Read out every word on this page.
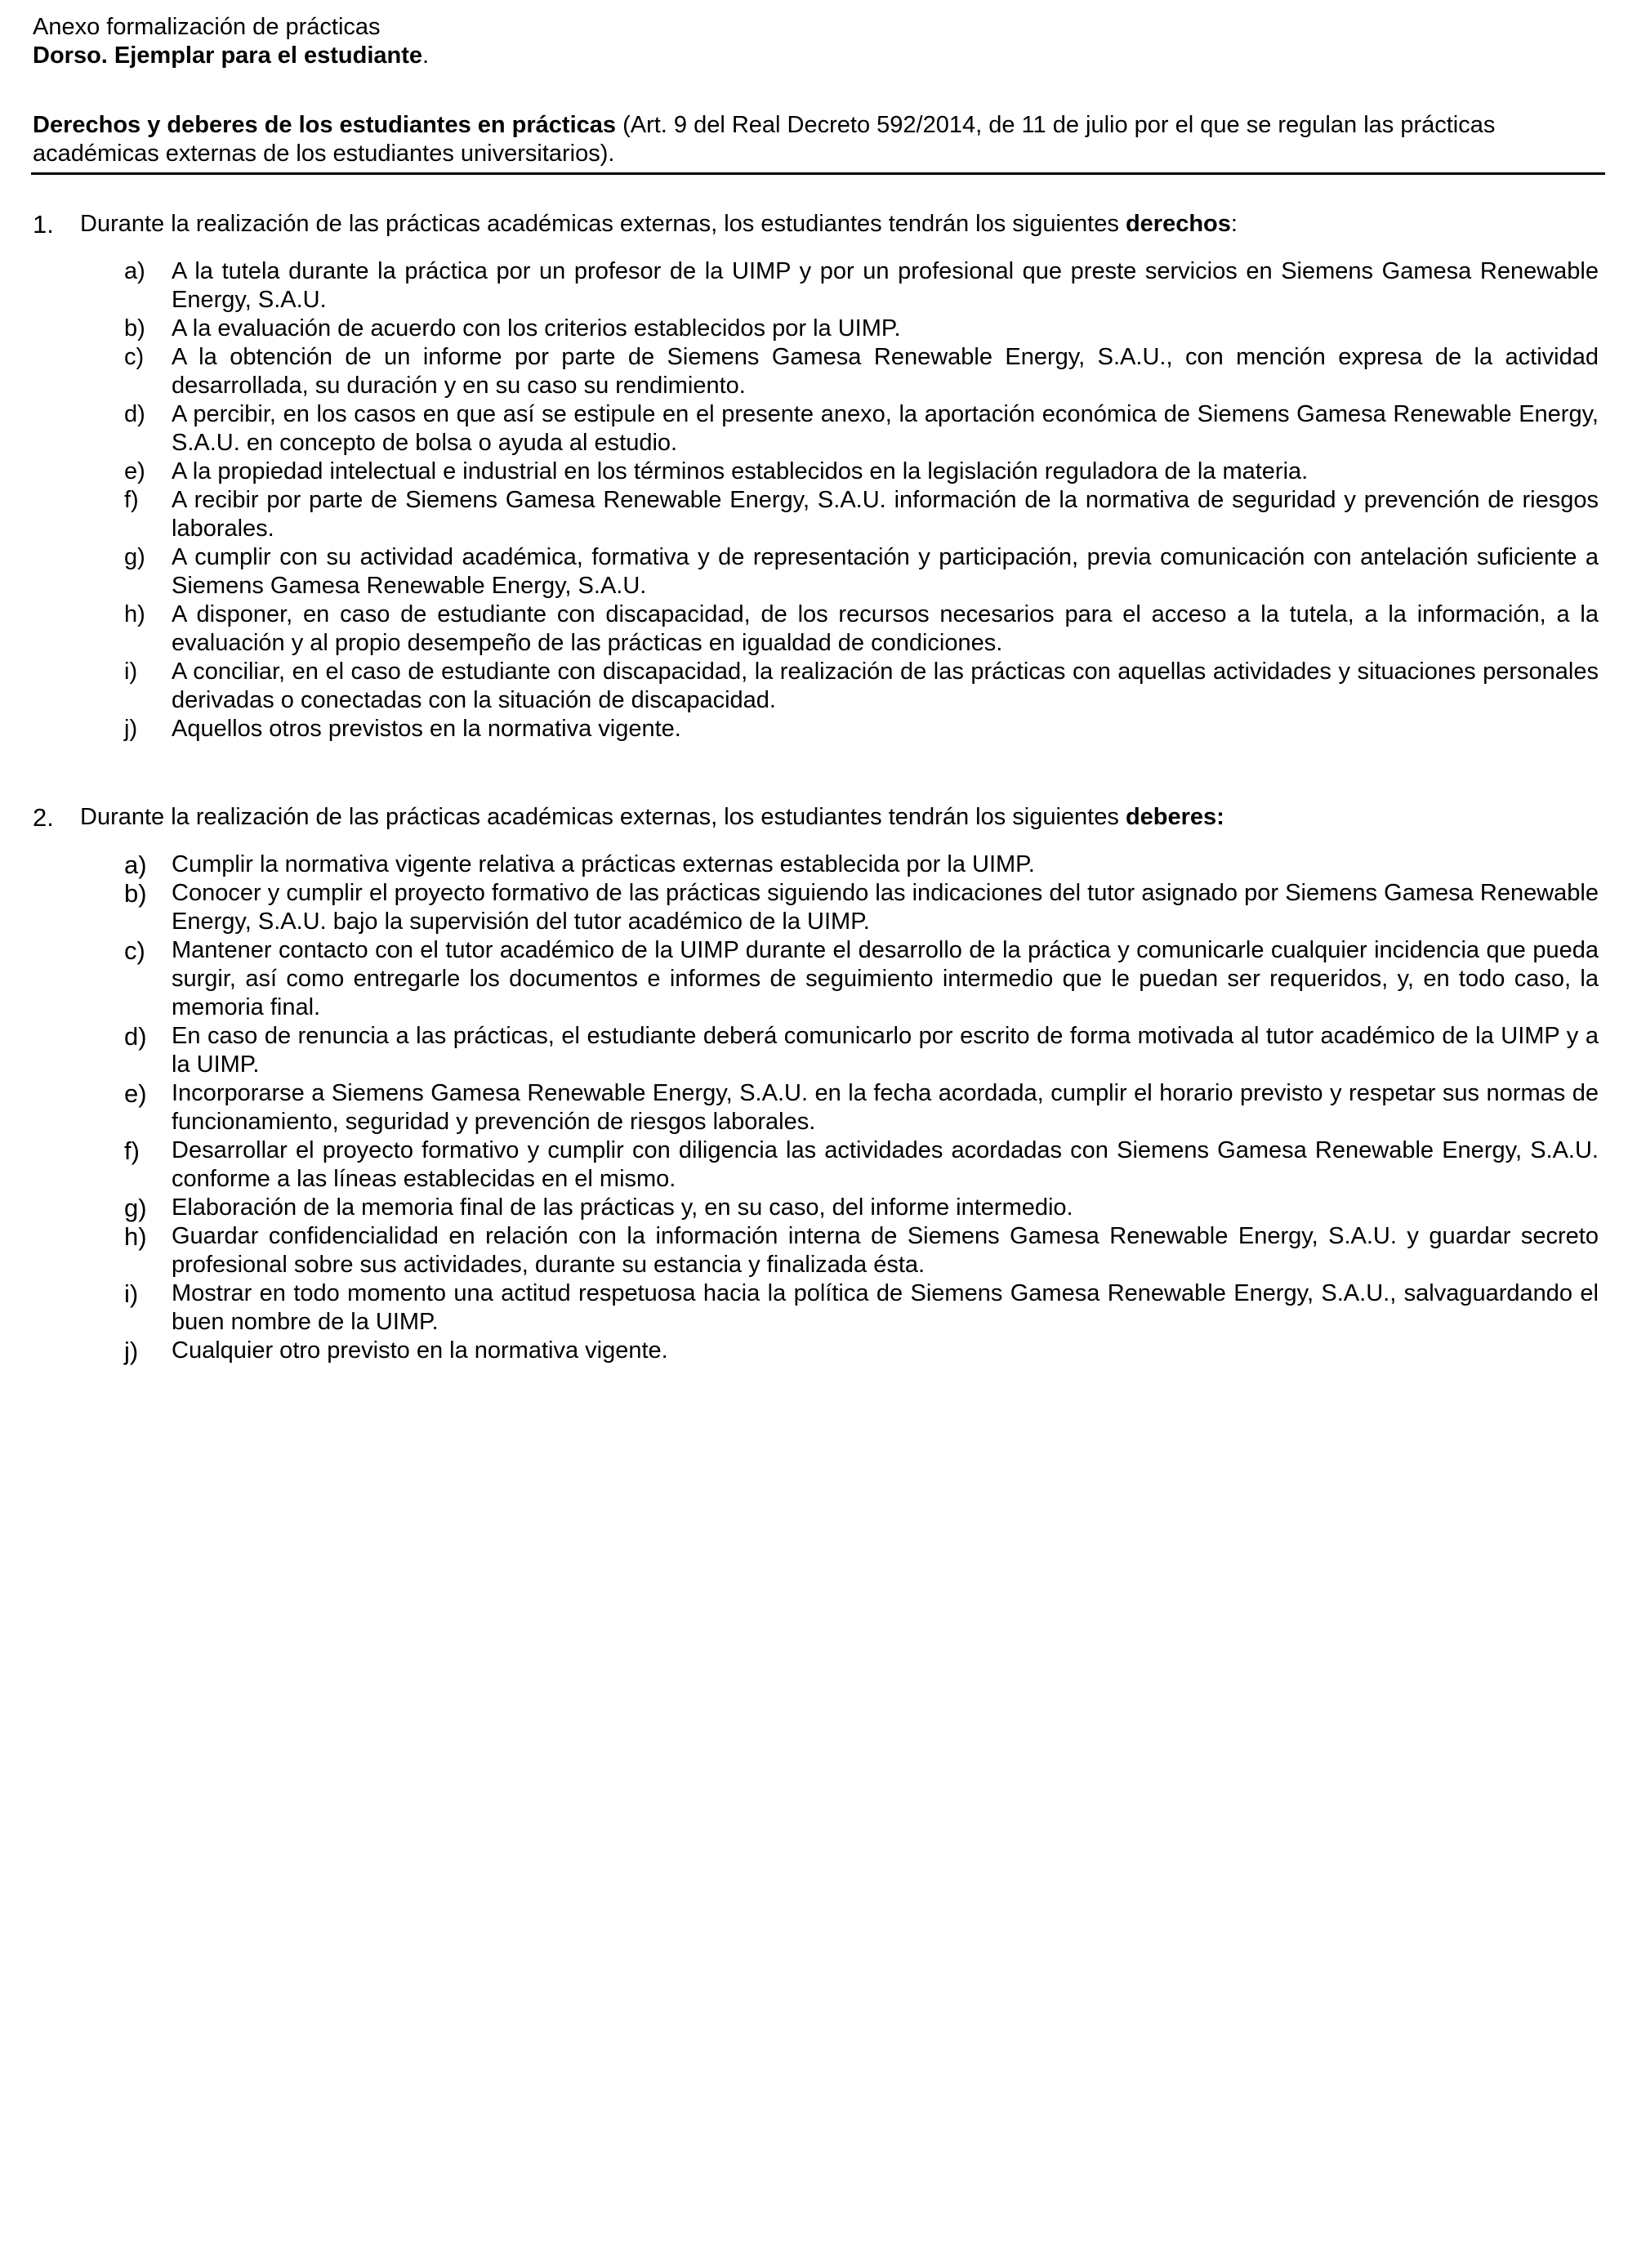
Anexo formalización de prácticas
Dorso. Ejemplar para el estudiante.
Derechos y deberes de los estudiantes en prácticas (Art. 9 del Real Decreto 592/2014, de 11 de julio por el que se regulan las prácticas académicas externas de los estudiantes universitarios).
1.	Durante la realización de las prácticas académicas externas, los estudiantes tendrán los siguientes derechos:
a)	A la tutela durante la práctica por un profesor de la UIMP y por un profesional que preste servicios en Siemens Gamesa Renewable Energy, S.A.U.
b)	A la evaluación de acuerdo con los criterios establecidos por la UIMP.
c)	A la obtención de un informe por parte de Siemens Gamesa Renewable Energy, S.A.U., con mención expresa de la actividad desarrollada, su duración y en su caso su rendimiento.
d)	A percibir, en los casos en que así se estipule en el presente anexo, la aportación económica de Siemens Gamesa Renewable Energy, S.A.U. en concepto de bolsa o ayuda al estudio.
e)	A la propiedad intelectual e industrial en los términos establecidos en la legislación reguladora de la materia.
f)	A recibir por parte de Siemens Gamesa Renewable Energy, S.A.U. información de la normativa de seguridad y prevención de riesgos laborales.
g)	A cumplir con su actividad académica, formativa y de representación y participación, previa comunicación con antelación suficiente a Siemens Gamesa Renewable Energy, S.A.U.
h)	A disponer, en caso de estudiante con discapacidad, de los recursos necesarios para el acceso a la tutela, a la información, a la evaluación y al propio desempeño de las prácticas en igualdad de condiciones.
i)	A conciliar, en el caso de estudiante con discapacidad, la realización de las prácticas con aquellas actividades y situaciones personales derivadas o conectadas con la situación de discapacidad.
j)	Aquellos otros previstos en la normativa vigente.
2.	Durante la realización de las prácticas académicas externas, los estudiantes tendrán los siguientes deberes:
a)	Cumplir la normativa vigente relativa a prácticas externas establecida por la UIMP.
b)	Conocer y cumplir el proyecto formativo de las prácticas siguiendo las indicaciones del tutor asignado por Siemens Gamesa Renewable Energy, S.A.U. bajo la supervisión del tutor académico de la UIMP.
c)	Mantener contacto con el tutor académico de la UIMP durante el desarrollo de la práctica y comunicarle cualquier incidencia que pueda surgir, así como entregarle los documentos e informes de seguimiento intermedio que le puedan ser requeridos, y, en todo caso, la memoria final.
d)	En caso de renuncia a las prácticas, el estudiante deberá comunicarlo por escrito de forma motivada al tutor académico de la UIMP y a la UIMP.
e)	Incorporarse a Siemens Gamesa Renewable Energy, S.A.U. en la fecha acordada, cumplir el horario previsto y respetar sus normas de funcionamiento, seguridad y prevención de riesgos laborales.
f)	Desarrollar el proyecto formativo y cumplir con diligencia las actividades acordadas con Siemens Gamesa Renewable Energy, S.A.U. conforme a las líneas establecidas en el mismo.
g)	Elaboración de la memoria final de las prácticas y, en su caso, del informe intermedio.
h)	Guardar confidencialidad en relación con la información interna de Siemens Gamesa Renewable Energy, S.A.U. y guardar secreto profesional sobre sus actividades, durante su estancia y finalizada ésta.
i)	Mostrar en todo momento una actitud respetuosa hacia la política de Siemens Gamesa Renewable Energy, S.A.U., salvaguardando el buen nombre de la UIMP.
j)	Cualquier otro previsto en la normativa vigente.
